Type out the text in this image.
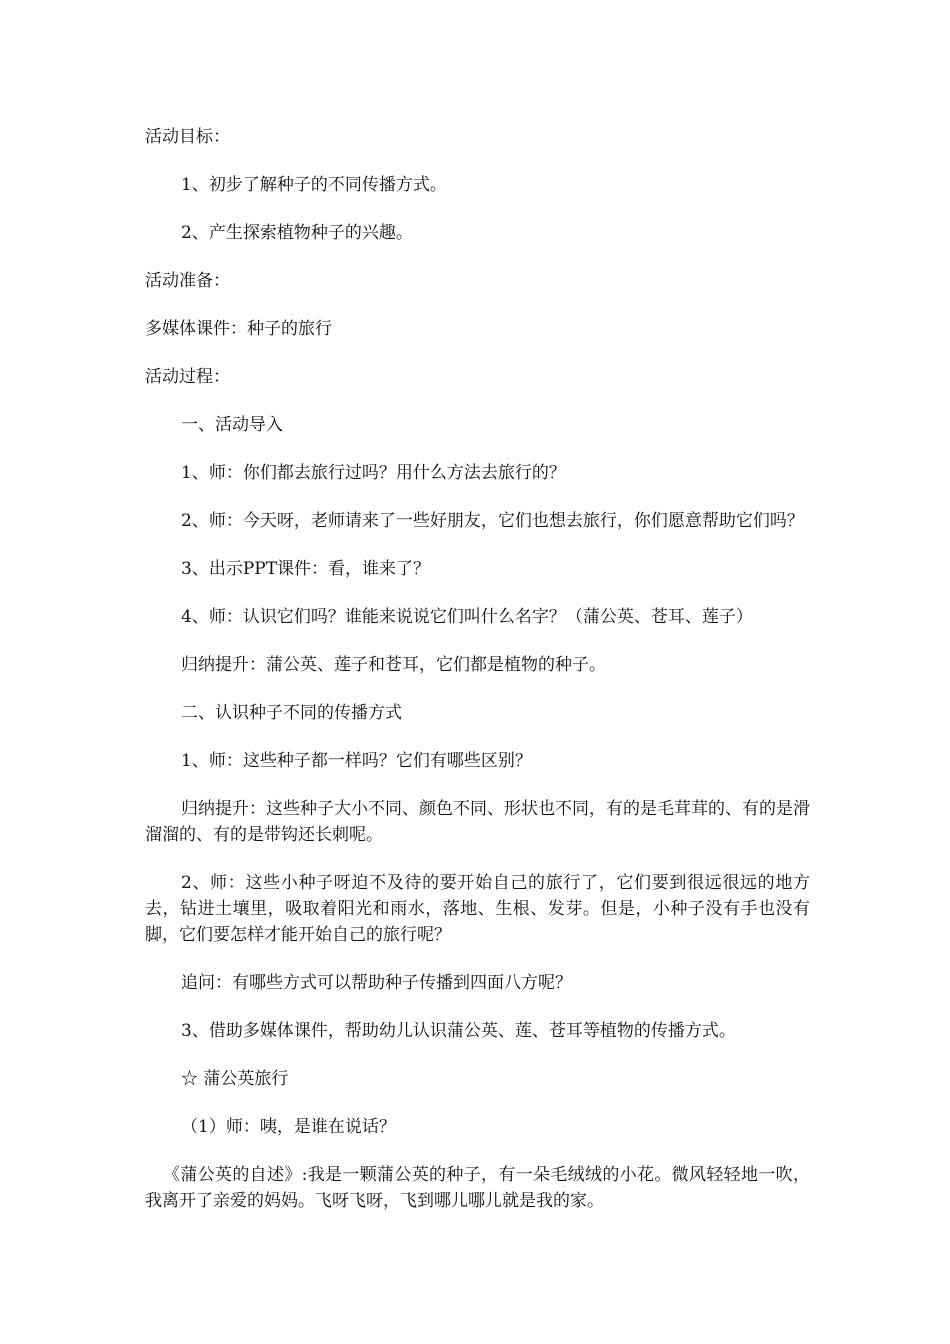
活动目标：

1、初步了解种子的不同传播方式。

2、产生探索植物种子的兴趣。

活动准备：

多媒体课件：种子的旅行

活动过程：

一、活动导入

1、师：你们都去旅行过吗？用什么方法去旅行的？

2、师：今天呀，老师请来了一些好朋友，它们也想去旅行，你们愿意帮助它们吗？

3、出示PPT课件：看，谁来了？

4、师：认识它们吗？谁能来说说它们叫什么名字？（蒲公英、苍耳、莲子）

归纳提升：蒲公英、莲子和苍耳，它们都是植物的种子。

二、认识种子不同的传播方式

1、师：这些种子都一样吗？它们有哪些区别？

归纳提升：这些种子大小不同、颜色不同、形状也不同，有的是毛茸茸的、有的是滑溜溜的、有的是带钩还长刺呢。

2、师：这些小种子呀迫不及待的要开始自己的旅行了，它们要到很远很远的地方去，钻进土壤里，吸取着阳光和雨水，落地、生根、发芽。但是，小种子没有手也没有脚，它们要怎样才能开始自己的旅行呢？

追问：有哪些方式可以帮助种子传播到四面八方呢？

3、借助多媒体课件，帮助幼儿认识蒲公英、莲、苍耳等植物的传播方式。

☆ 蒲公英旅行

（1）师：咦，是谁在说话？

《蒲公英的自述》:我是一颗蒲公英的种子，有一朵毛绒绒的小花。微风轻轻地一吹，我离开了亲爱的妈妈。飞呀飞呀，飞到哪儿哪儿就是我的家。
